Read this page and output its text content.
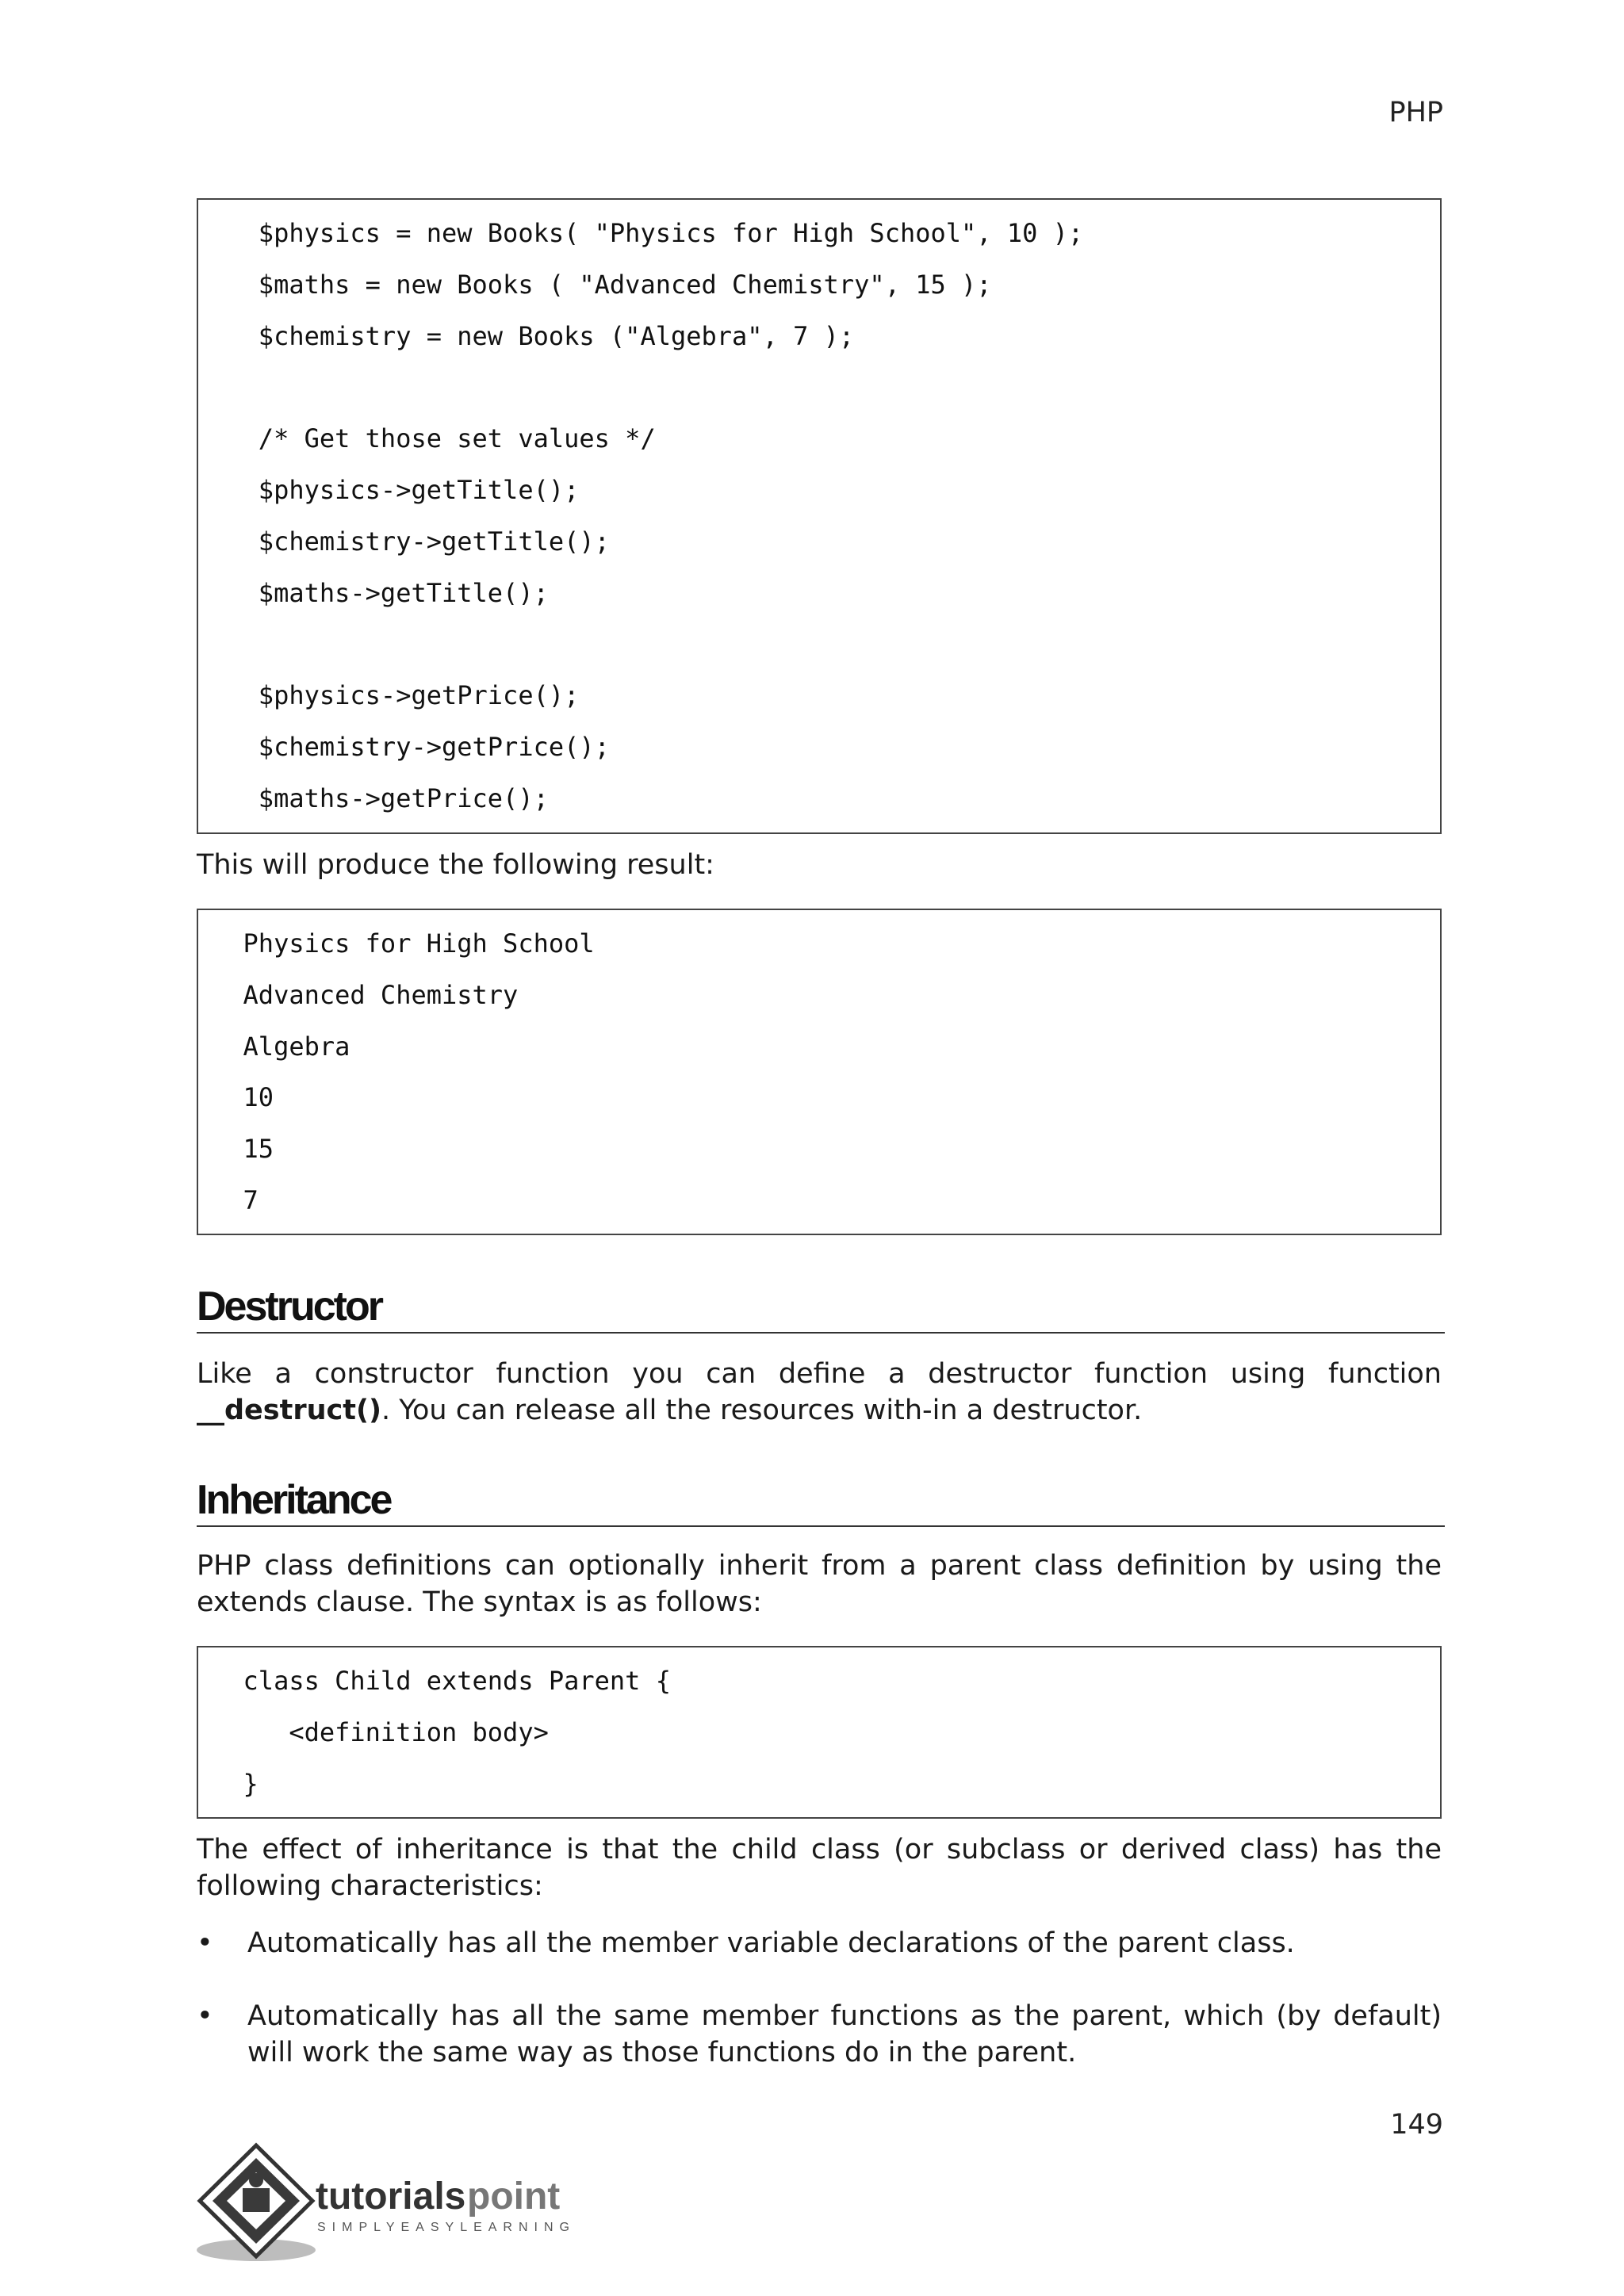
PHP
$physics = new Books( "Physics for High School", 10 );
$maths = new Books ( "Advanced Chemistry", 15 );
$chemistry = new Books ("Algebra", 7 );
/* Get those set values */
$physics->getTitle();
$chemistry->getTitle();
$maths->getTitle();
$physics->getPrice();
$chemistry->getPrice();
$maths->getPrice();
This will produce the following result:
Physics for High School
Advanced Chemistry
Algebra
10
15
7
Destructor
Like a constructor function you can define a destructor function using function __destruct(). You can release all the resources with-in a destructor.
Inheritance
PHP class definitions can optionally inherit from a parent class definition by using the extends clause. The syntax is as follows:
class Child extends Parent {
<definition body>
}
The effect of inheritance is that the child class (or subclass or derived class) has the following characteristics:
•	Automatically has all the member variable declarations of the parent class.
•	Automatically has all the same member functions as the parent, which (by default) will work the same way as those functions do in the parent.
149
tutorials point
SIMPLYEASYLEARNING
